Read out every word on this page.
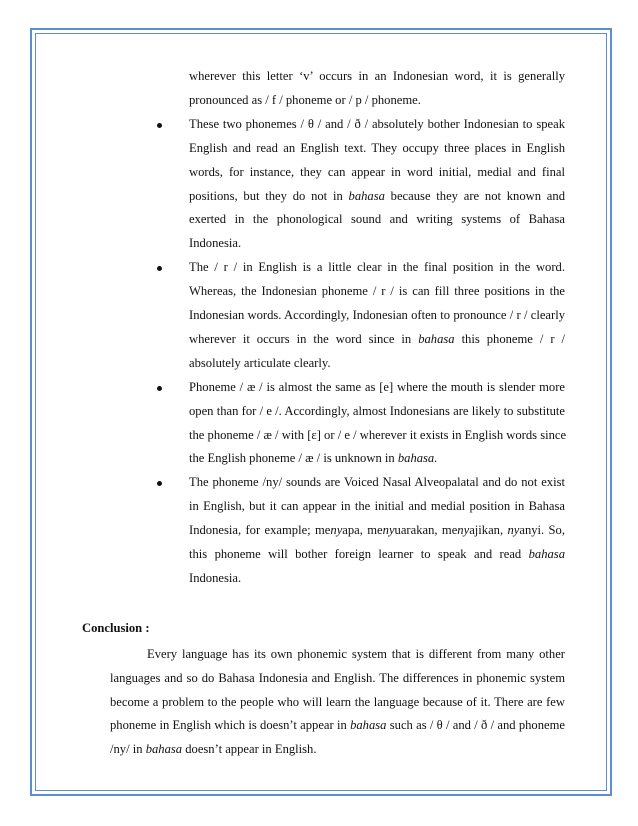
wherever this letter ‘v’ occurs in an Indonesian word, it is generally
pronounced as / f / phoneme or / p / phoneme.
These two phonemes / θ / and / ð / absolutely bother Indonesian to speak
English and read an English text. They occupy three places in English
words, for instance, they can appear in word initial, medial and final
positions, but they do not in bahasa because they are not known and
exerted in the phonological sound and writing systems of Bahasa
Indonesia.
The / r / in English is a little clear in the final position in the word.
Whereas, the Indonesian phoneme / r / is can fill three positions in the
Indonesian words. Accordingly, Indonesian often to pronounce / r / clearly
wherever it occurs in the word since in bahasa this phoneme / r /
absolutely articulate clearly.
Phoneme / æ / is almost the same as [e] where the mouth is slender more
open than for / e /. Accordingly, almost Indonesians are likely to substitute
the phoneme / æ / with [ɛ] or / e / wherever it exists in English words since
the English phoneme / æ / is unknown in bahasa.
The phoneme /ny/ sounds are Voiced Nasal Alveopalatal and do not exist
in English, but it can appear in the initial and medial position in Bahasa
Indonesia, for example; menyapa, menyuarakan, menyajikan, nyanyi. So,
this phoneme will bother foreign learner to speak and read bahasa
Indonesia.
Conclusion :
Every language has its own phonemic system that is different from many other
languages and so do Bahasa Indonesia and English. The differences in phonemic system
become a problem to the people who will learn the language because of it. There are few
phoneme in English which is doesn’t appear in bahasa such as / θ / and / ð / and phoneme
/ny/ in bahasa doesn’t appear in English.
